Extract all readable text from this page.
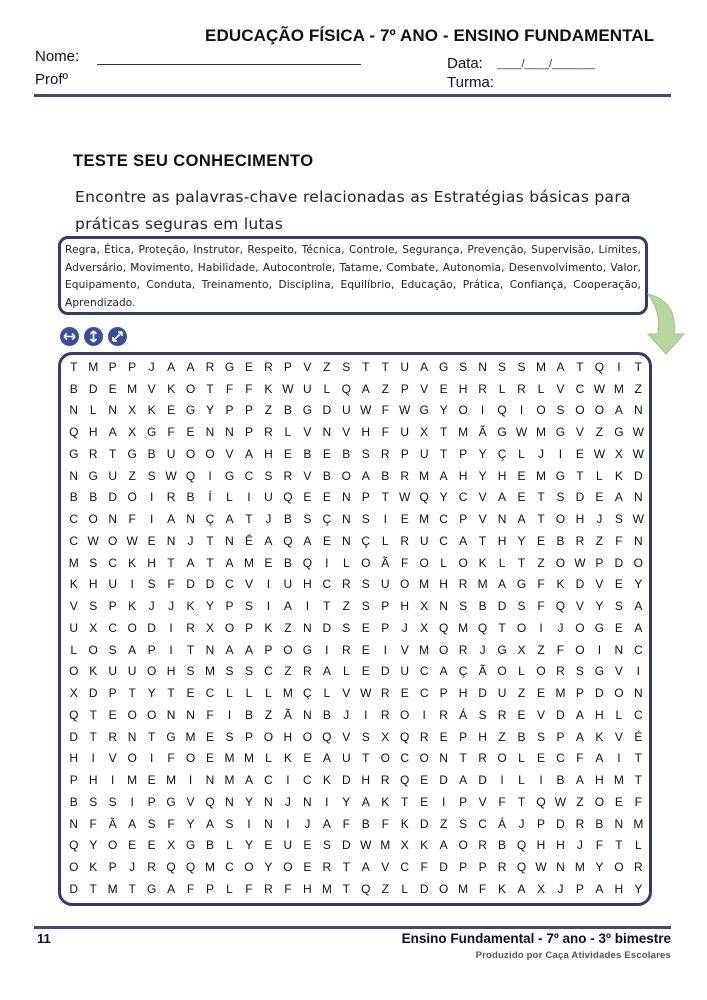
EDUCAÇÃO FÍSICA - 7º ANO - ENSINO FUNDAMENTAL
Nome:
Profº
Data: ____/____/_______
Turma:
TESTE SEU CONHECIMENTO
Encontre as palavras-chave relacionadas as Estratégias básicas para práticas seguras em lutas

Regra, Ética, Proteção, Instrutor, Respeito, Técnica, Controle, Segurança, Prevenção, Supervisão, Limites, Adversário, Movimento, Habilidade, Autocontrole, Tatame, Combate, Autonomia, Desenvolvimento, Valor, Equipamento, Conduta, Treinamento, Disciplina, Equilíbrio, Educação, Prática, Confiança, Cooperação, Aprendizado.

T M P P	J	A A R G E R P V Z S T	T U A G S N S S M A T Q	I	T
B D E M V K O T	F	F K W U L Q A Z P V E H R L R L	V C W M Z
N L N X K E G Y P P Z B G D U W F W G Y O	I	Q	I	O S O O A N
Q H A X G F E N N P R L	V N V H F U X T M Ã G W M G V Z G W
G R T G B U O O V A H E B E B S R P U T P Y Ç L	J	I	E W X W
N G U Z S W Q	I	G C S R V B O A B R M A H Y H E M G T	L	K D
B B D O	I	R B	Í	L	I	U Q E E N P T W Q Y C V A E T S D E A N
C O N F	I	A N Ç A T	J	B S Ç N S	I	E M C P V N A T O H	J	S W
C W O W E N	J	T N Ê A Q A E N Ç L R U C A T H Y E B R Z	F N
M S C K H T A T A M E B Q	I	L O Ã F O L O K	L	T	Z O W P D O
K H U	I	S F D D C V	I	U H C R S U O M H R M A G F K D V E Y
V S P K	J	J	K Y P S	I	A	I	T	Z S P H X N S B D S F Q V Y S A
U X C O D	I	R X O P K Z N D S E P	J	X Q M Q T O	I	J O G E A
L O S A P	I	T N A A P O G	I	R E	I	V M O R	J G X Z	F O	I	N C
O K U U O H S M S S C Z R A	L	E D U C A Ç Ã O L O R S G V	I
X D P T Y T E C L	L	L M Ç L	V W R E C P H D U Z E M P D O N
Q T E O O N N F	I	B Z Ã N B	J	I	R O	I	R Á S R E V D A H L C
D T R N T G M E S P O H O Q V S X Q R E P H Z B S P A K V É
H	I	V O	I	F O E M M L	K E A U T O C O N T R O L	E C F A	I	T
P H	I	M E M	I	N M A C	I	C K D H R Q E D A D	I	L	I	B A H M T
B S S	I	P G V Q N Y N	J	N	I	Y A K T E	I	P V F	T Q W Z O E F
N F Ã A S F Y A S	I	N	I	J	A F B F K D Z S C Á	J	P D R B N M
Q Y O E E X G B	L	Y E U E S D W M X K A O R B Q H H	J	F	T	L
O K P	J	R Q Q M C O Y O E R T A V C F D P P R Q W N M Y O R
D T M T G A F P	L	F R F H M T Q Z	L D O M F K A X	J	P A H Y
11	Ensino Fundamental - 7º ano - 3º bimestre
Produzido por Caça Atividades Escolares
